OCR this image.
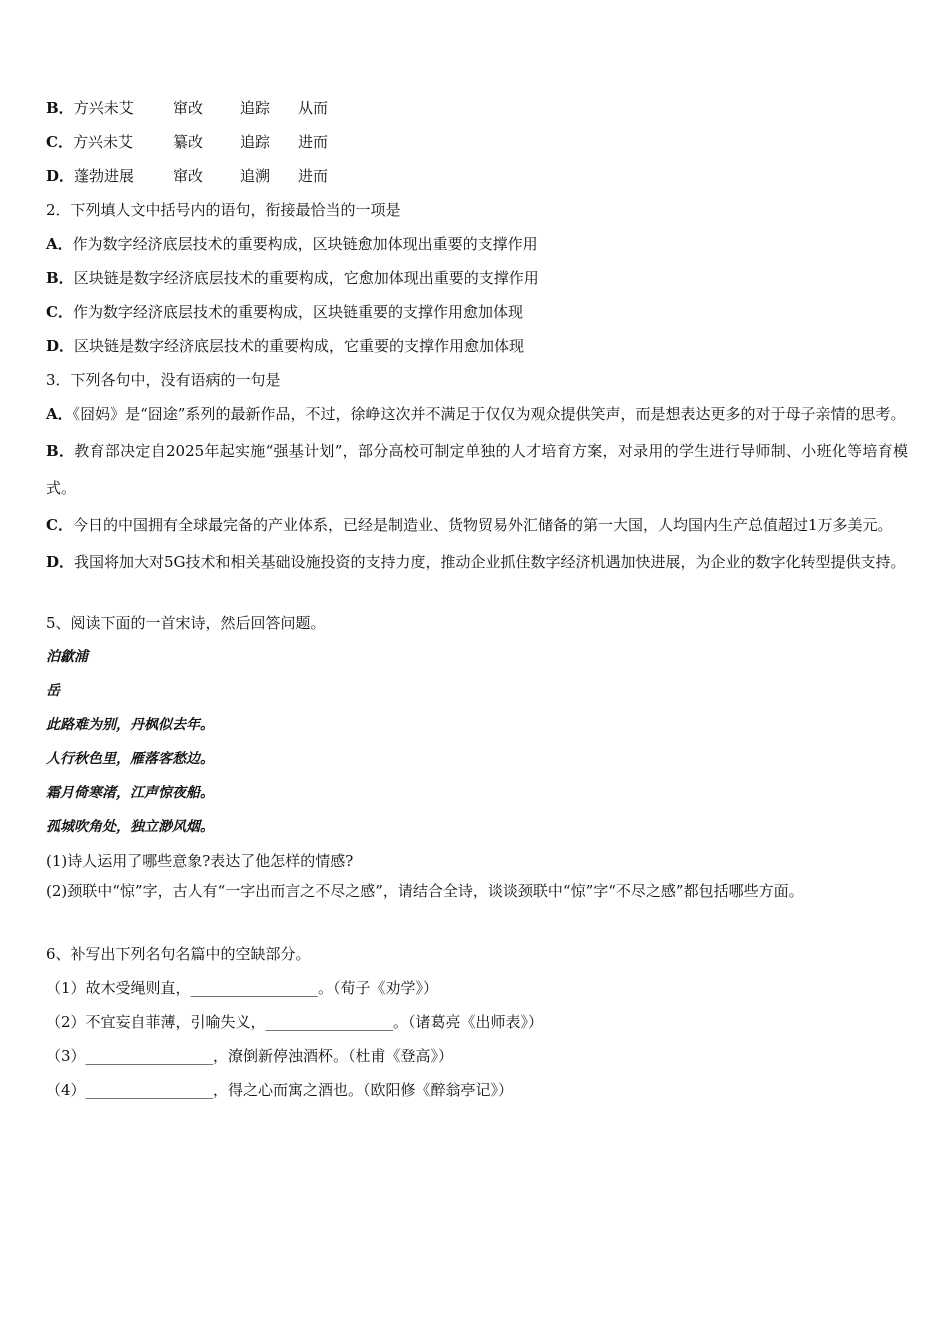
B．方兴未艾	窜改	追踪	从而
C．方兴未艾	纂改	追踪	进而
D．蓬勃进展	窜改	追溯	进而
2．下列填人文中括号内的语句，衔接最恰当的一项是
A．作为数字经济底层技术的重要构成，区块链愈加体现出重要的支撑作用
B．区块链是数字经济底层技术的重要构成，它愈加体现出重要的支撑作用
C．作为数字经济底层技术的重要构成，区块链重要的支撑作用愈加体现
D．区块链是数字经济底层技术的重要构成，它重要的支撑作用愈加体现
3．下列各句中，没有语病的一句是
A．《囧妈》是“囧途”系列的最新作品，不过，徐峥这次并不满足于仅仅为观众提供笑声，而是想表达更多的对于母子亲情的思考。
B．教育部决定自2025年起实施“强基计划”，部分高校可制定单独的人才培育方案，对录用的学生进行导师制、小班化等培育模式。
C．今日的中国拥有全球最完备的产业体系，已经是制造业、货物贸易外汇储备的第一大国，人均国内生产总值超过1万多美元。
D．我国将加大对5G技术和相关基础设施投资的支持力度，推动企业抓住数字经济机遇加快进展，为企业的数字化转型提供支持。
5、阅读下面的一首宋诗，然后回答问题。
泊歙浦
岳
此路难为别，丹枫似去年。
人行秋色里，雁落客愁边。
霜月倚寒渚，江声惊夜船。
孤城吹角处，独立渺风烟。
(1)诗人运用了哪些意象?表达了他怎样的情感?
(2)颈联中“惊”字，古人有“一字出而言之不尽之感”，请结合全诗，谈谈颈联中“惊”字“不尽之感”都包括哪些方面。
6、补写出下列名句名篇中的空缺部分。
（1）故木受绳则直，_________________。（荀子《劝学》）
（2）不宜妄自菲薄，引喻失义，_________________。（诸葛亮《出师表》）
（3）_________________，潦倒新停浊酒杯。（杜甫《登高》）
（4）_________________，得之心而寓之酒也。（欧阳修《醉翁亭记》）
